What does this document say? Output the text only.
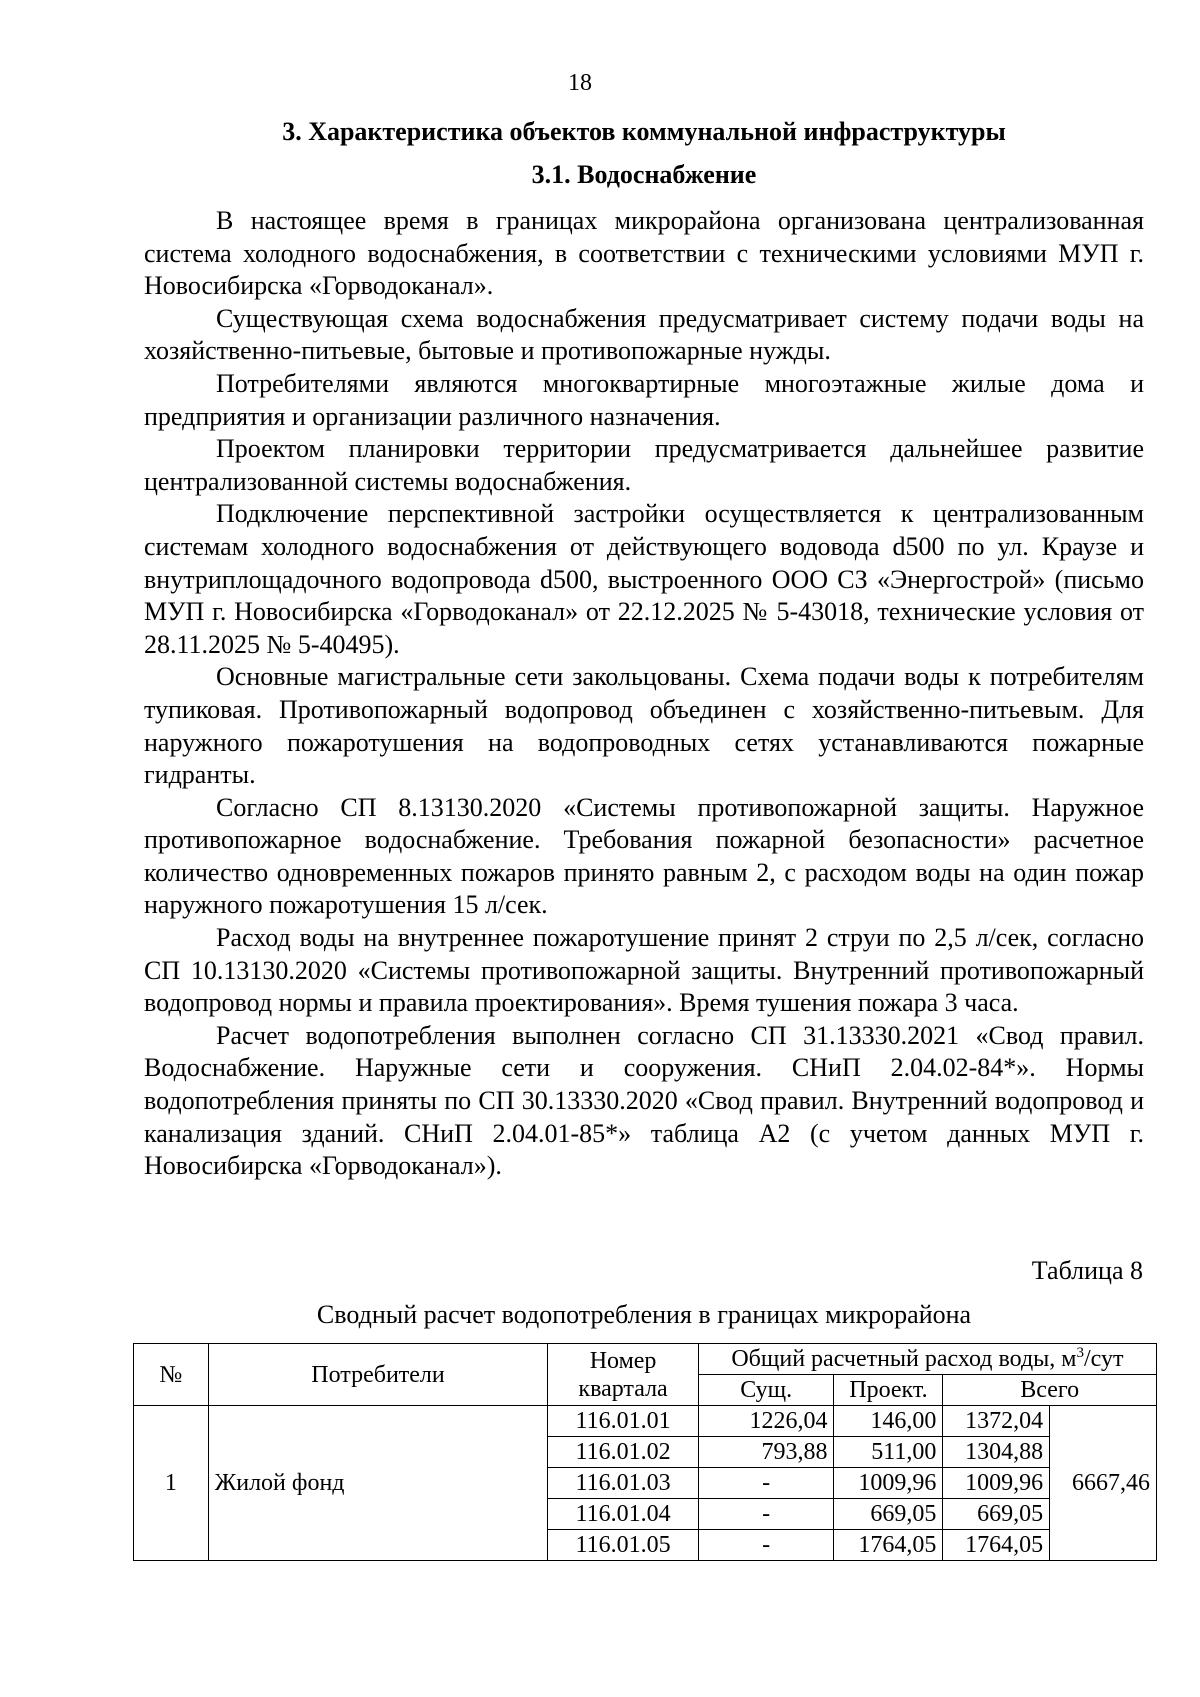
18
3. Характеристика объектов коммунальной инфраструктуры
3.1. Водоснабжение

В настоящее время в границах микрорайона организована централизованная система холодного водоснабжения, в соответствии с техническими условиями МУП г. Новосибирска «Горводоканал».

Существующая схема водоснабжения предусматривает систему подачи воды на хозяйственно-питьевые, бытовые и противопожарные нужды.

Потребителями являются многоквартирные многоэтажные жилые дома и предприятия и организации различного назначения.

Проектом планировки территории предусматривается дальнейшее развитие централизованной системы водоснабжения.

Подключение перспективной застройки осуществляется к централизованным системам холодного водоснабжения от действующего водовода d500 по ул. Краузе и внутриплощадочного водопровода d500, выстроенного ООО СЗ «Энергострой» (письмо МУП г. Новосибирска «Горводоканал» от 22.12.2025 № 5-43018, технические условия от 28.11.2025 № 5-40495).

Основные магистральные сети закольцованы. Схема подачи воды к потребителям тупиковая. Противопожарный водопровод объединен с хозяйственно-питьевым. Для наружного пожаротушения на водопроводных сетях устанавливаются пожарные гидранты.

Согласно СП 8.13130.2020 «Системы противопожарной защиты. Наружное противопожарное водоснабжение. Требования пожарной безопасности» расчетное количество одновременных пожаров принято равным 2, с расходом воды на один пожар наружного пожаротушения 15 л/сек.

Расход воды на внутреннее пожаротушение принят 2 струи по 2,5 л/сек, согласно СП 10.13130.2020 «Системы противопожарной защиты. Внутренний противопожарный водопровод нормы и правила проектирования». Время тушения пожара 3 часа.

Расчет водопотребления выполнен согласно СП 31.13330.2021 «Свод правил. Водоснабжение. Наружные сети и сооружения. СНиП 2.04.02-84*». Нормы водопотребления приняты по СП 30.13330.2020 «Свод правил. Внутренний водопровод и канализация зданий. СНиП 2.04.01-85*» таблица А2 (с учетом данных МУП г. Новосибирска «Горводоканал»).

Таблица 8
Сводный расчет водопотребления в границах микрорайона
№	Потребители	Номер квартала	Общий расчетный расход воды, $м^3$/сут			
			Сущ.	Проект.	Всего	
1	Жилой фонд	116.01.01	1226,04	146,00	1372,04	6667,46
		116.01.02	793,88	511,00	1304,88	
		116.01.03	-	1009,96	1009,96	
		116.01.04	-	669,05	669,05	
		116.01.05	-	1764,05	1764,05	
